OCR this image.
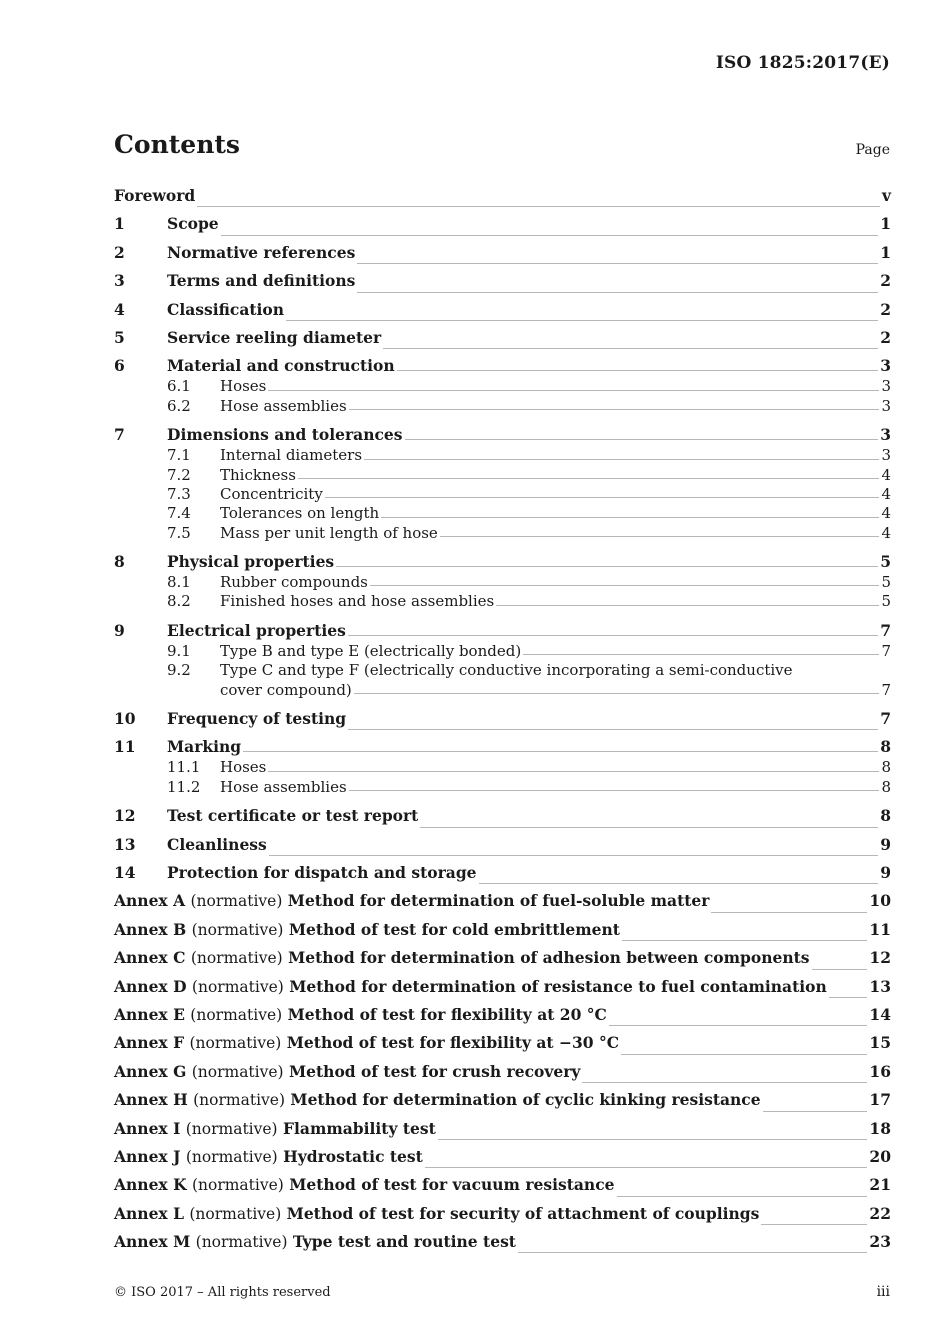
ISO 1825:2017(E)
Contents	Page
Foreword	v
1	Scope	1
2	Normative references	1
3	Terms and definitions	2
4	Classification	2
5	Service reeling diameter	2
6	Material and construction	3
6.1	Hoses	3
6.2	Hose assemblies	3
7	Dimensions and tolerances	3
7.1	Internal diameters	3
7.2	Thickness	4
7.3	Concentricity	4
7.4	Tolerances on length	4
7.5	Mass per unit length of hose	4
8	Physical properties	5
8.1	Rubber compounds	5
8.2	Finished hoses and hose assemblies	5
9	Electrical properties	7
9.1	Type B and type E (electrically bonded)	7
9.2	Type C and type F (electrically conductive incorporating a semi-conductive
cover compound)	7
10	Frequency of testing	7
11	Marking	8
11.1	Hoses	8
11.2	Hose assemblies	8
12	Test certificate or test report	8
13	Cleanliness	9
14	Protection for dispatch and storage	9
Annex A (normative) Method for determination of fuel-soluble matter	10
Annex B (normative) Method of test for cold embrittlement	11
Annex C (normative) Method for determination of adhesion between components	12
Annex D (normative) Method for determination of resistance to fuel contamination	13
Annex E (normative) Method of test for flexibility at 20 °C	14
Annex F (normative) Method of test for flexibility at −30 °C	15
Annex G (normative) Method of test for crush recovery	16
Annex H (normative) Method for determination of cyclic kinking resistance	17
Annex I (normative) Flammability test	18
Annex J (normative) Hydrostatic test	20
Annex K (normative) Method of test for vacuum resistance	21
Annex L (normative) Method of test for security of attachment of couplings	22
Annex M (normative) Type test and routine test	23
© ISO 2017 – All rights reserved	iii
